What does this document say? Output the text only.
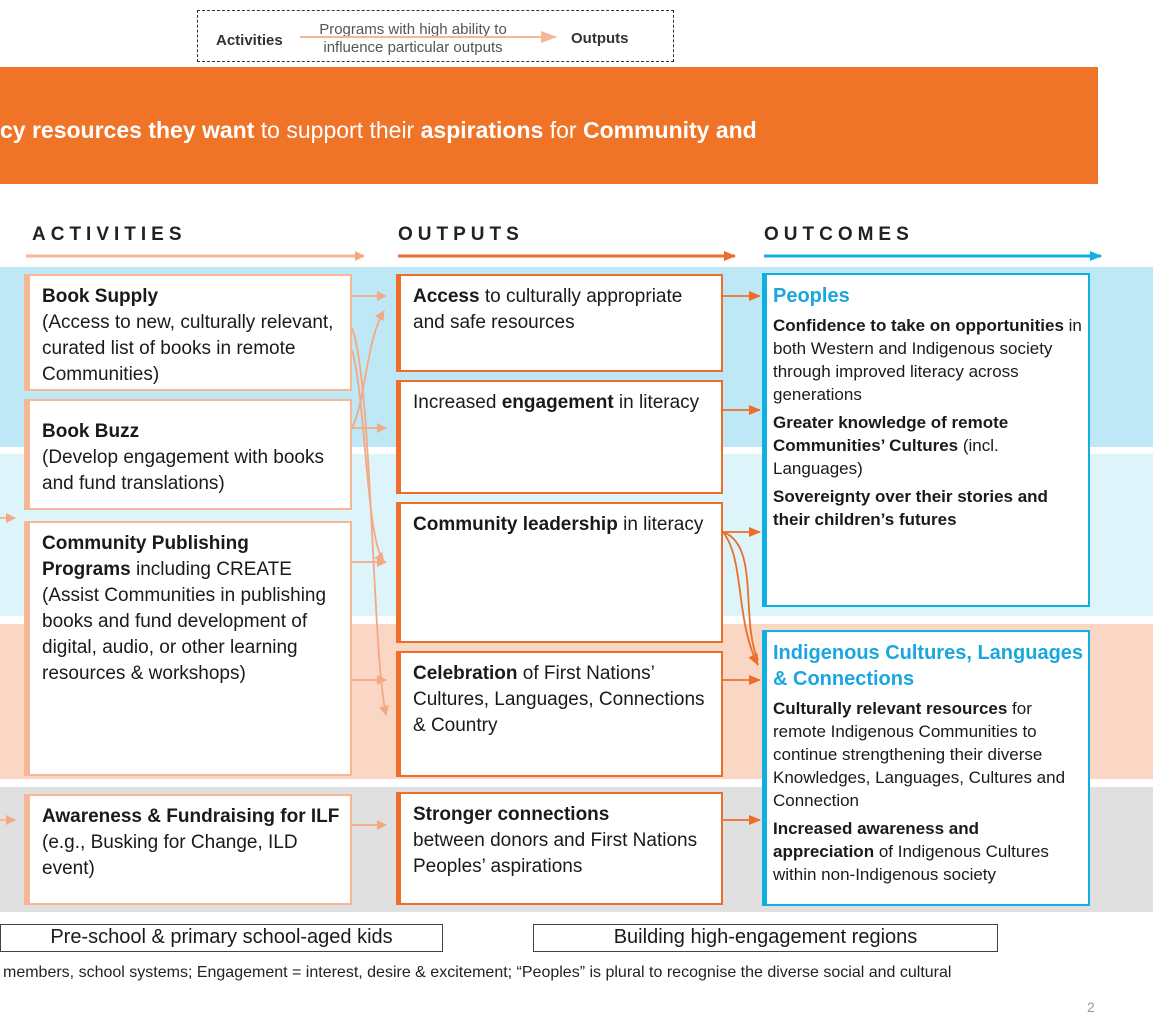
Activities
Programs with high ability to
influence particular outputs
Outputs
cy resources they want to support their aspirations for Community and
ACTIVITIES	OUTPUTS	OUTCOMES
Book Supply
(Access to new, culturally relevant, curated list of books in remote Communities)
Book Buzz
(Develop engagement with books and fund translations)
Community Publishing Programs including CREATE (Assist Communities in publishing books and fund development of digital, audio, or other learning resources & workshops)
Awareness & Fundraising for ILF (e.g., Busking for Change, ILD event)
Access to culturally appropriate and safe resources
Increased engagement in literacy
Community leadership in literacy
Celebration of First Nations’ Cultures, Languages, Connections & Country
Stronger connections
between donors and First Nations Peoples’ aspirations
Peoples

Confidence to take on opportunities in both Western and Indigenous society through improved literacy across generations

Greater knowledge of remote Communities’ Cultures (incl. Languages)

Sovereignty over their stories and their children’s futures

Indigenous Cultures, Languages & Connections

Culturally relevant resources for remote Indigenous Communities to continue strengthening their diverse Knowledges, Languages, Cultures and Connection

Increased awareness and appreciation of Indigenous Cultures within non-Indigenous society

Pre-school & primary school-aged kids	Building high-engagement regions
members, school systems; Engagement = interest, desire & excitement; “Peoples” is plural to recognise the diverse social and cultural
2
